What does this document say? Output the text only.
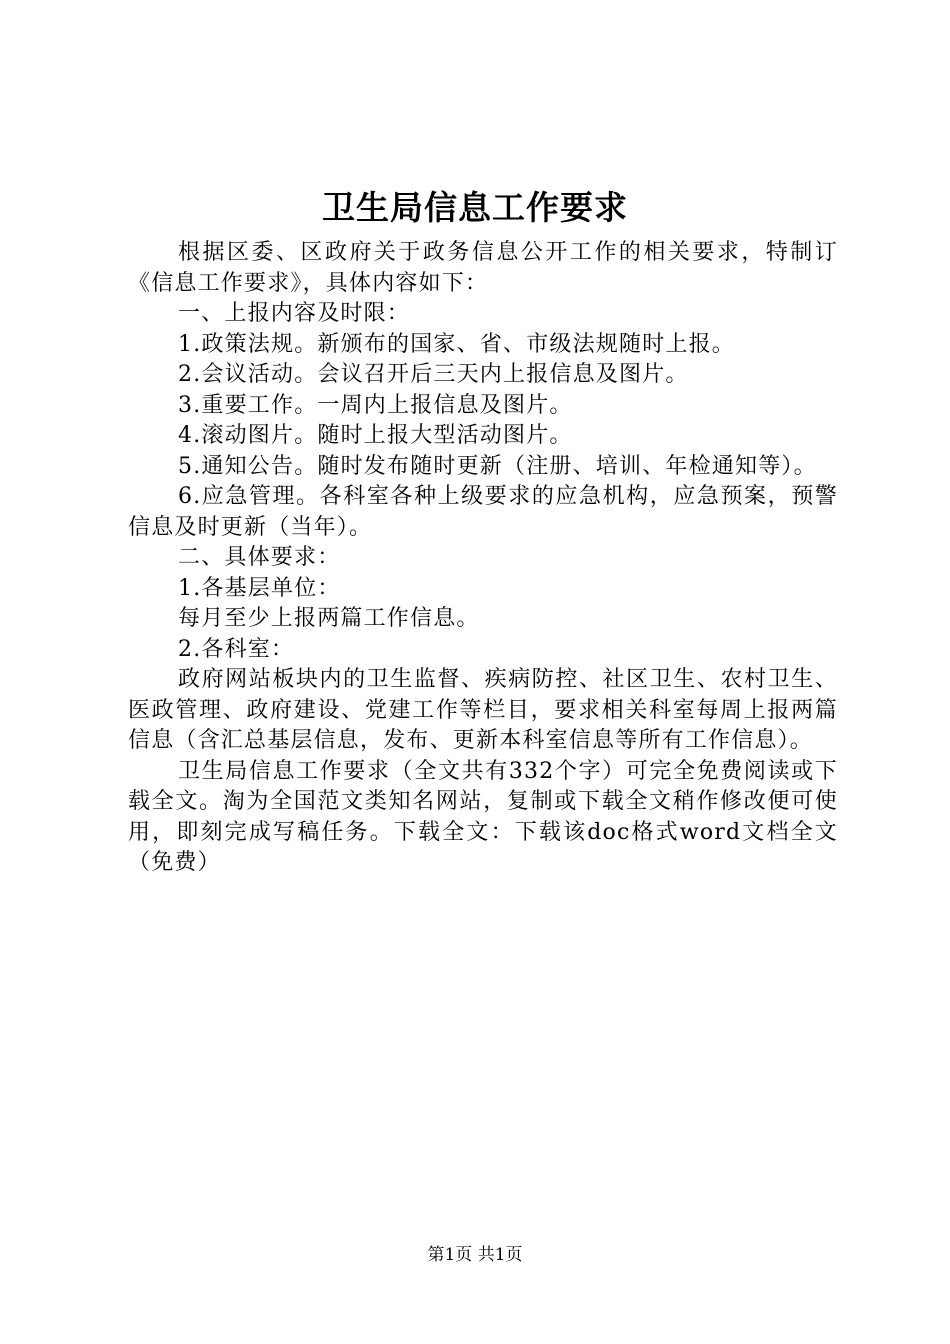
卫生局信息工作要求

根据区委、区政府关于政务信息公开工作的相关要求，特制订《信息工作要求》，具体内容如下：

一、上报内容及时限：

1.政策法规。新颁布的国家、省、市级法规随时上报。

2.会议活动。会议召开后三天内上报信息及图片。

3.重要工作。一周内上报信息及图片。

4.滚动图片。随时上报大型活动图片。

5.通知公告。随时发布随时更新（注册、培训、年检通知等）。

6.应急管理。各科室各种上级要求的应急机构，应急预案，预警信息及时更新（当年）。

二、具体要求：

1.各基层单位：

每月至少上报两篇工作信息。

2.各科室：

政府网站板块内的卫生监督、疾病防控、社区卫生、农村卫生、医政管理、政府建设、党建工作等栏目，要求相关科室每周上报两篇信息（含汇总基层信息，发布、更新本科室信息等所有工作信息）。

卫生局信息工作要求（全文共有332个字）可完全免费阅读或下载全文。淘为全国范文类知名网站，复制或下载全文稍作修改便可使用，即刻完成写稿任务。下载全文：下载该doc格式word文档全文（免费）

第1页 共1页
